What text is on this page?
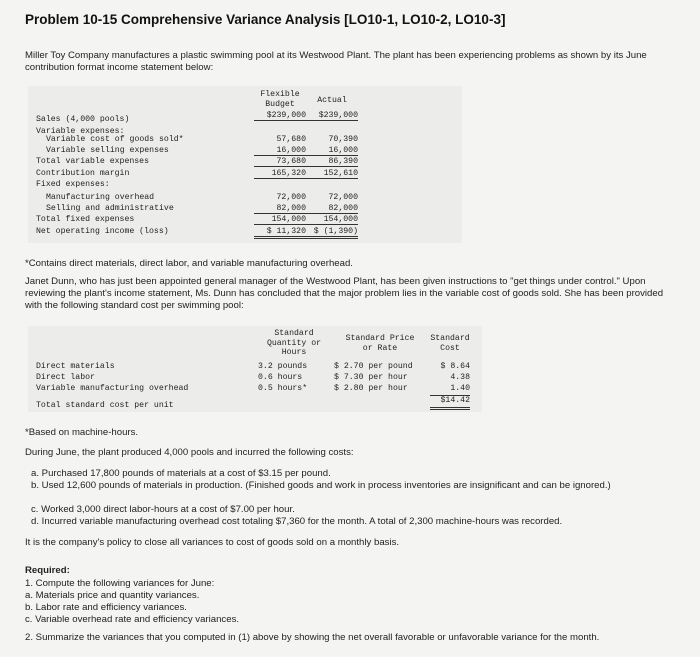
Problem 10-15 Comprehensive Variance Analysis [LO10-1, LO10-2, LO10-3]
Miller Toy Company manufactures a plastic swimming pool at its Westwood Plant. The plant has been experiencing problems as shown by its June contribution format income statement below:
Flexible
Budget	Actual
Sales (4,000 pools)	$239,000	$239,000
Variable expenses:
Variable cost of goods sold*	57,680	70,390
Variable selling expenses	16,000	16,000
Total variable expenses	73,680	86,390
Contribution margin	165,320	152,610
Fixed expenses:
Manufacturing overhead	72,000	72,000
Selling and administrative	82,000	82,000
Total fixed expenses	154,000	154,000
Net operating income (loss)	$ 11,320 $ (1,390)
*Contains direct materials, direct labor, and variable manufacturing overhead.
Janet Dunn, who has just been appointed general manager of the Westwood Plant, has been given instructions to "get things under control." Upon reviewing the plant's income statement, Ms. Dunn has concluded that the major problem lies in the variable cost of goods sold. She has been provided with the following standard cost per swimming pool:
Standard
Quantity or
Hours
Standard Price
or Rate
Standard
Cost
Direct materials	3.2 pounds	$ 2.70 per pound	$ 8.64
Direct labor	0.6 hours	$ 7.30 per hour	4.38
Variable manufacturing overhead	0.5 hours*	$ 2.80 per hour	1.40
Total standard cost per unit
$14.42
*Based on machine-hours.
During June, the plant produced 4,000 pools and incurred the following costs:
a. Purchased 17,800 pounds of materials at a cost of $3.15 per pound.
b. Used 12,600 pounds of materials in production. (Finished goods and work in process inventories are insignificant and can be ignored.)
c. Worked 3,000 direct labor-hours at a cost of $7.00 per hour.
d. Incurred variable manufacturing overhead cost totaling $7,360 for the month. A total of 2,300 machine-hours was recorded.
It is the company's policy to close all variances to cost of goods sold on a monthly basis.
Required:
1. Compute the following variances for June:
a. Materials price and quantity variances.
b. Labor rate and efficiency variances.
c. Variable overhead rate and efficiency variances.
2. Summarize the variances that you computed in (1) above by showing the net overall favorable or unfavorable variance for the month.
